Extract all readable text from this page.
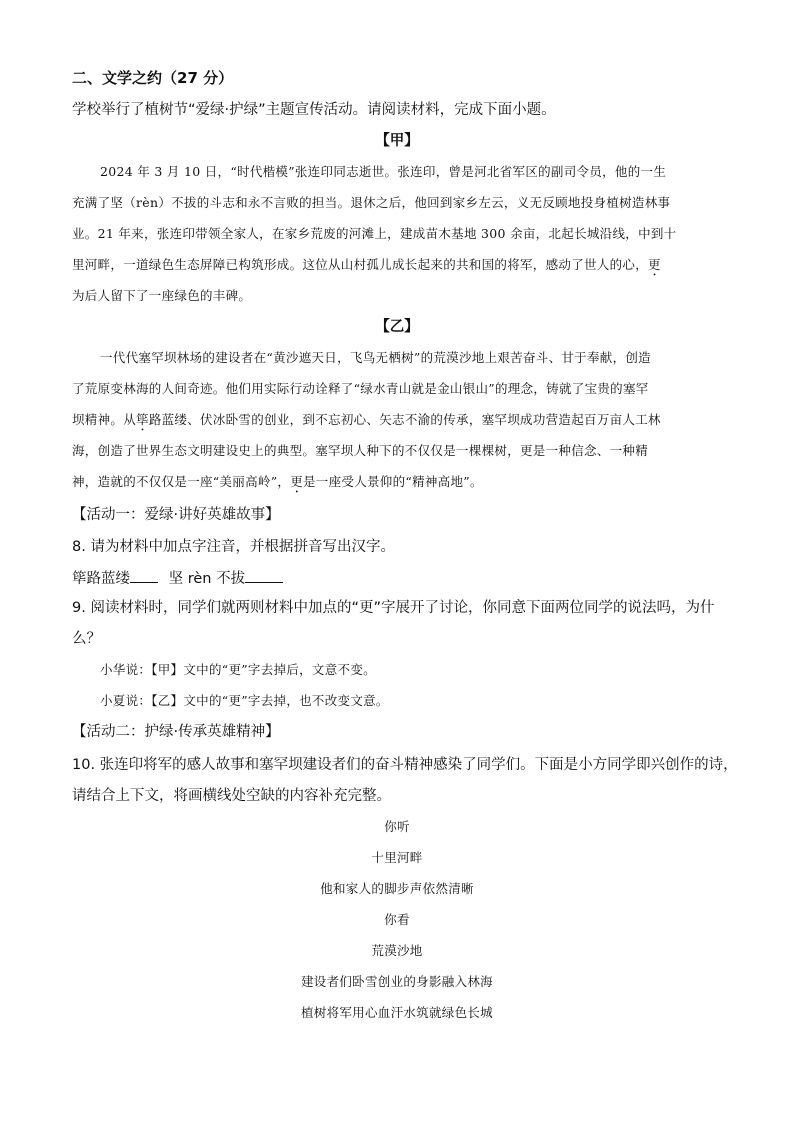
二、文学之约（27 分）
学校举行了植树节“爱绿·护绿”主题宣传活动。请阅读材料，完成下面小题。
【甲】
2024 年 3 月 10 日，“时代楷模”张连印同志逝世。张连印，曾是河北省军区的副司令员，他的一生
充满了坚（rèn）不拔的斗志和永不言败的担当。退休之后，他回到家乡左云，义无反顾地投身植树造林事
业。21 年来，张连印带领全家人，在家乡荒废的河滩上，建成苗木基地 300 余亩，北起长城沿线，中到十
里河畔，一道绿色生态屏障已构筑形成。这位从山村孤儿成长起来的共和国的将军，感动了世人的心，更
为后人留下了一座绿色的丰碑。
【乙】
一代代塞罕坝林场的建设者在“黄沙遮天日，飞鸟无栖树”的荒漠沙地上艰苦奋斗、甘于奉献，创造
了荒原变林海的人间奇迹。他们用实际行动诠释了“绿水青山就是金山银山”的理念，铸就了宝贵的塞罕
坝精神。从筚路蓝缕、伏冰卧雪的创业，到不忘初心、矢志不渝的传承，塞罕坝成功营造起百万亩人工林
海，创造了世界生态文明建设史上的典型。塞罕坝人种下的不仅仅是一棵棵树，更是一种信念、一种精
神，造就的不仅仅是一座“美丽高岭”，更是一座受人景仰的“精神高地”。
【活动一：爱绿·讲好英雄故事】
8. 请为材料中加点字注音，并根据拼音写出汉字。
筚路蓝缕	坚 rèn 不拔
9. 阅读材料时，同学们就两则材料中加点的“更”字展开了讨论，你同意下面两位同学的说法吗，为什
么？
小华说：【甲】文中的“更”字去掉后，文意不变。
小夏说：【乙】文中的“更”字去掉，也不改变文意。
【活动二：护绿·传承英雄精神】
10. 张连印将军的感人故事和塞罕坝建设者们的奋斗精神感染了同学们。下面是小方同学即兴创作的诗，
请结合上下文，将画横线处空缺的内容补充完整。
你听
十里河畔
他和家人的脚步声依然清晰
你看
荒漠沙地
建设者们卧雪创业的身影融入林海
植树将军用心血汗水筑就绿色长城
